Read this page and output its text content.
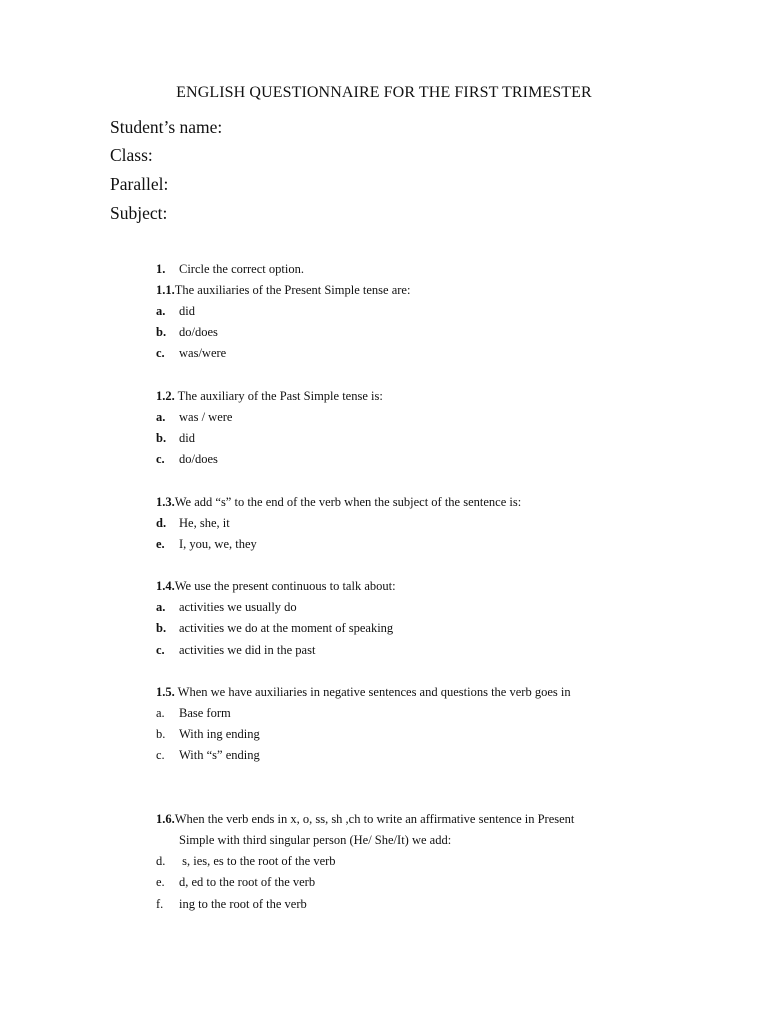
ENGLISH QUESTIONNAIRE FOR THE FIRST TRIMESTER
Student’s name:
Class:
Parallel:
Subject:
1. Circle the correct option.
1.1.The auxiliaries of the Present Simple tense are:
a. did
b. do/does
c. was/were
1.2. The auxiliary of the Past Simple tense is:
a. was / were
b. did
c. do/does
1.3.We add “s” to the end of the verb when the subject of the sentence is:
d. He, she, it
e. I, you, we, they
1.4.We use the present continuous to talk about:
a. activities we usually do
b. activities we do at the moment of speaking
c. activities we did in the past
1.5. When we have auxiliaries in negative sentences and questions the verb goes in
a. Base form
b. With ing ending
c. With “s” ending
1.6.When the verb ends in x, o, ss, sh ,ch to write an affirmative sentence in Present
Simple with third singular person (He/ She/It) we add:
d. s, ies, es to the root of the verb
e. d, ed to the root of the verb
f. ing to the root of the verb
